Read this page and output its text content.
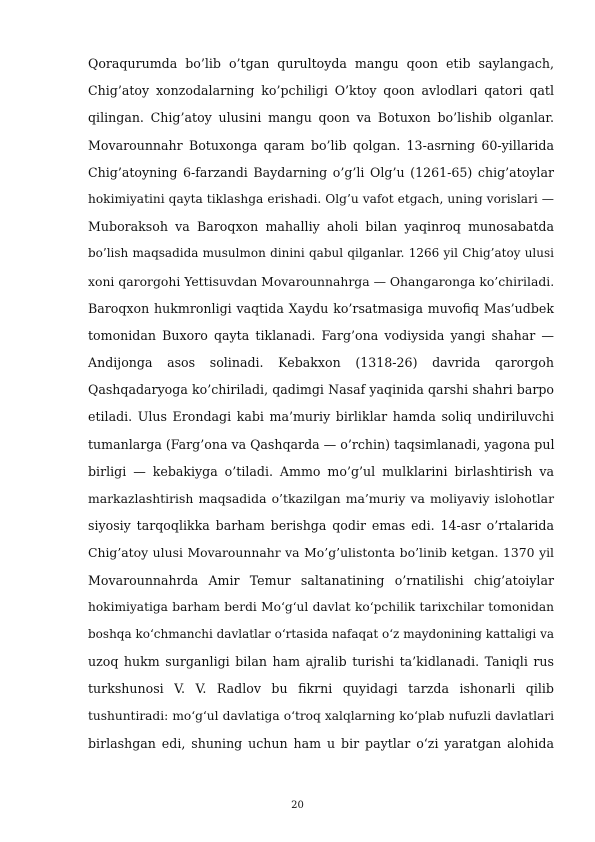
Qoraqurumda bo’lib o’tgan qurultoyda mangu qoon etib saylangach,
Chig’atoy xonzodalarning ko’pchiligi O’ktoy qoon avlodlari qatori qatl
qilingan. Chig’atoy ulusini mangu qoon va Botuxon bo’lishib olganlar.
Movarounnahr Botuxonga qaram bo’lib qolgan. 13-asrning 60-yillarida
Chig’atoyning 6-farzandi Baydarning o’g’li Olg’u (1261-65) chig’atoylar
hokimiyatini qayta tiklashga erishadi. Olg’u vafot etgach, uning vorislari —
Muboraksoh va Baroqxon mahalliy aholi bilan yaqinroq munosabatda
bo’lish maqsadida musulmon dinini qabul qilganlar. 1266 yil Chig’atoy ulusi
xoni qarorgohi Yettisuvdan Movarounnahrga — Ohangaronga ko’chiriladi.
Baroqxon hukmronligi vaqtida Xaydu ko’rsatmasiga muvofiq Mas’udbek
tomonidan Buxoro qayta tiklanadi. Farg’ona vodiysida yangi shahar —
Andijonga asos solinadi. Kebakxon (1318-26) davrida qarorgoh
Qashqadaryoga ko’chiriladi, qadimgi Nasaf yaqinida qarshi shahri barpo
etiladi. Ulus Erondagi kabi ma’muriy birliklar hamda soliq undiriluvchi
tumanlarga (Farg’ona va Qashqarda — o’rchin) taqsimlanadi, yagona pul
birligi — kebakiyga o’tiladi. Ammo mo’g’ul mulklarini birlashtirish va
markazlashtirish maqsadida o’tkazilgan ma’muriy va moliyaviy islohotlar
siyosiy tarqoqlikka barham berishga qodir emas edi. 14-asr o’rtalarida
Chig’atoy ulusi Movarounnahr va Mo’g’ulistonta bo’linib ketgan. 1370 yil
Movarounnahrda Amir Temur saltanatining o’rnatilishi chig’atoiylar
hokimiyatiga barham berdi Mo‘g‘ul davlat ko‘pchilik tarixchilar tomonidan
boshqa ko‘chmanchi davlatlar o‘rtasida nafaqat o‘z maydonining kattaligi va
uzoq hukm surganligi bilan ham ajralib turishi ta’kidlanadi. Taniqli rus
turkshunosi V. V. Radlov bu fikrni quyidagi tarzda ishonarli qilib
tushuntiradi: mo‘g‘ul davlatiga o‘troq xalqlarning ko‘plab nufuzli davlatlari
birlashgan edi, shuning uchun ham u bir paytlar o‘zi yaratgan alohida
20
